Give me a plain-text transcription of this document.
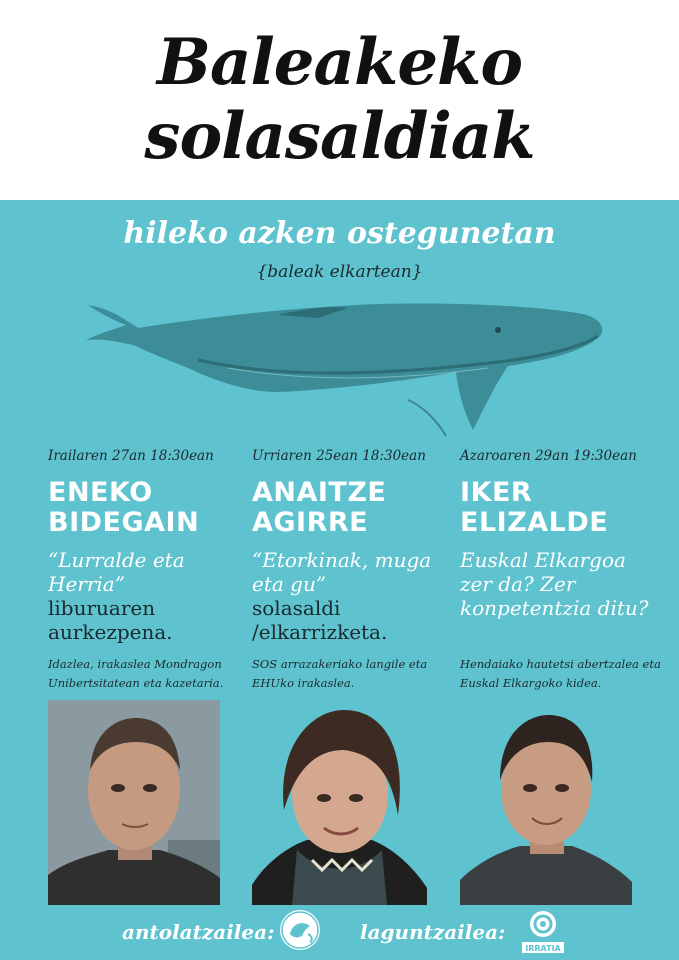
Baleakeko
solasaldiak
hileko azken ostegunetan
{baleak elkartean}
Irailaren 27an 18:30ean
ENEKO
BIDEGAIN
“Lurralde eta Herria”
liburuaren aurkezpena.
Urriaren 25ean 18:30ean
ANAITZE
AGIRRE
“Etorkinak, muga eta gu”
solasaldi /elkarrizketa.
Azaroaren 29an 19:30ean
IKER
ELIZALDE
Euskal Elkargoa zer da? Zer konpetentzia ditu?
Idazlea, irakaslea Mondragon Unibertsitatean eta kazetaria.
SOS arrazakeriako langile eta EHUko irakaslea.
Hendaiako hautetsi abertzalea eta Euskal Elkargoko kidea.
antolatzailea:	laguntzailea:
IRRATIA
